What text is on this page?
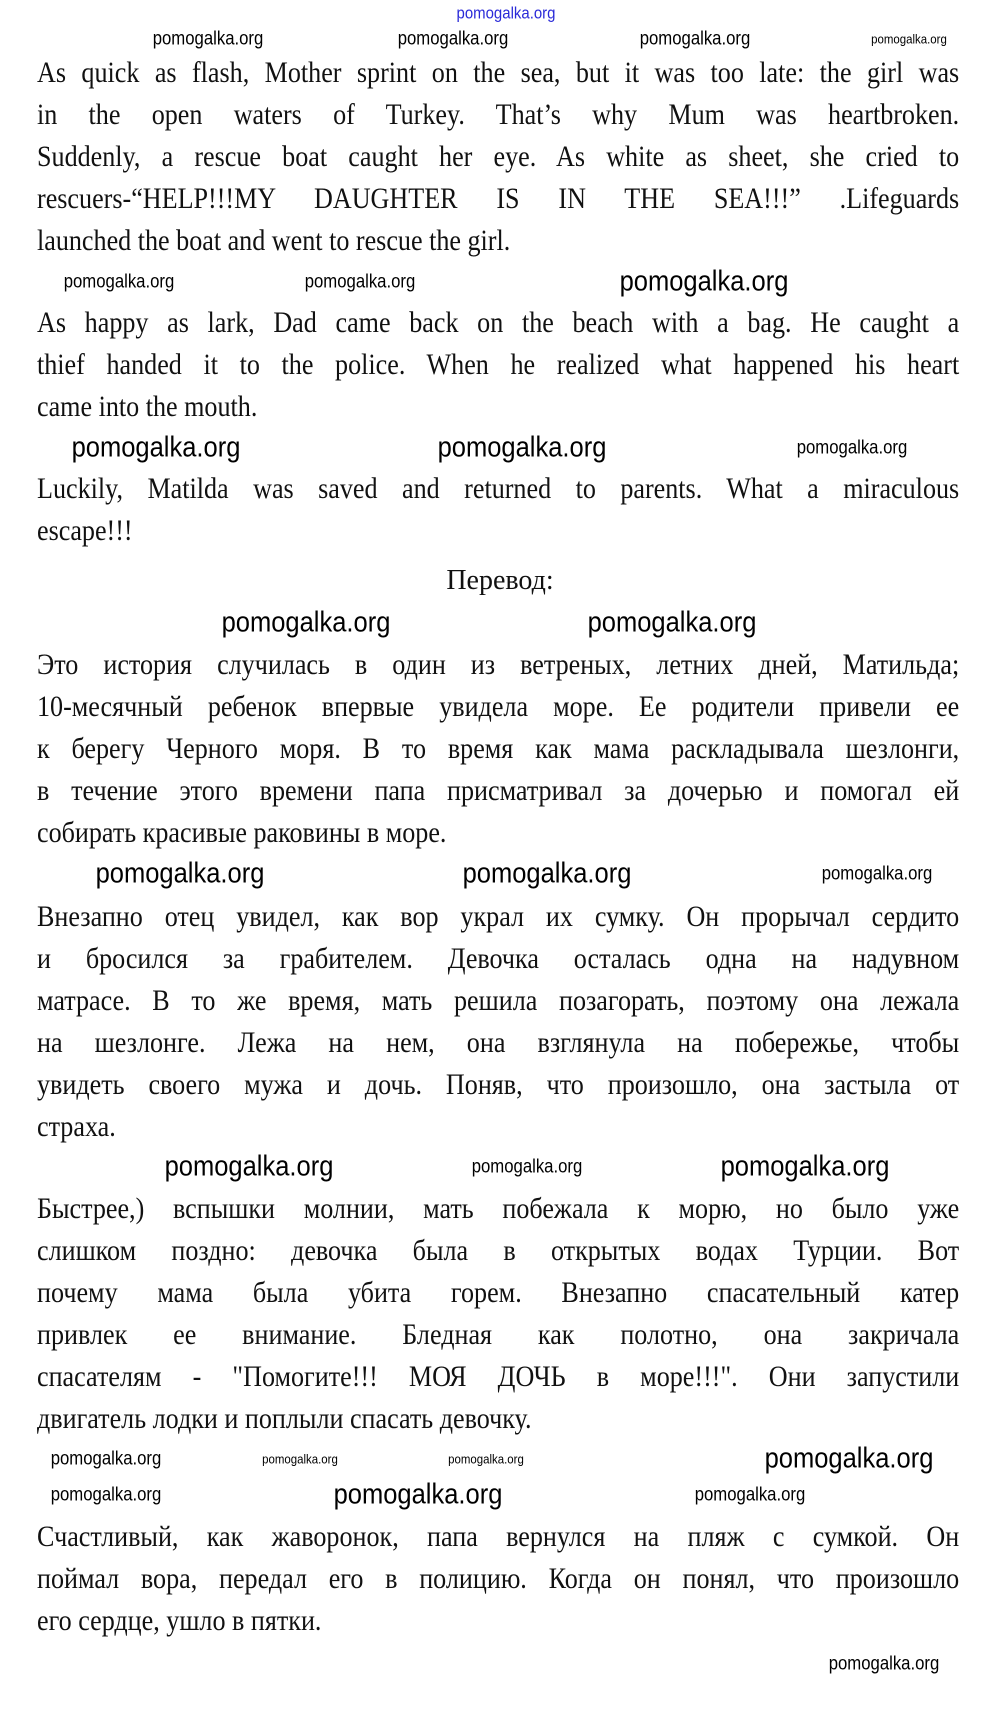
As quick as flash, Mother sprint on the sea, but it was too late: the girl was
in the open waters of Turkey. That’s why Mum was heartbroken.
Suddenly, a rescue boat caught her eye. As white as sheet, she cried to
rescuers-“HELP!!!MY DAUGHTER IS IN THE SEA!!!” .Lifeguards
launched the boat and went to rescue the girl.
As happy as lark, Dad came back on the beach with a bag. He caught a
thief handed it to the police. When he realized what happened his heart
came into the mouth.
Luckily, Matilda was saved and returned to parents. What a miraculous
escape!!!
Это история случилась в один из ветреных, летних дней, Матильда;
10-месячный ребенок впервые увидела море. Ее родители привели ее
к берегу Черного моря. В то время как мама раскладывала шезлонги,
в течение этого времени папа присматривал за дочерью и помогал ей
собирать красивые раковины в море.
Внезапно отец увидел, как вор украл их сумку. Он прорычал сердито
и бросился за грабителем. Девочка осталась одна на надувном
матрасе. В то же время, мать решила позагорать, поэтому она лежала
на шезлонге. Лежа на нем, она взглянула на побережье, чтобы
увидеть своего мужа и дочь. Поняв, что произошло, она застыла от
страха.
Быстрее,) вспышки молнии, мать побежала к морю, но было уже
слишком поздно: девочка была в открытых водах Турции. Вот
почему мама была убита горем. Внезапно спасательный катер
привлек ее внимание. Бледная как полотно, она закричала
спасателям - "Помогите!!! МОЯ ДОЧЬ в море!!!". Они запустили
двигатель лодки и поплыли спасать девочку.
Счастливый, как жаворонок, папа вернулся на пляж с сумкой. Он
поймал вора, передал его в полицию. Когда он понял, что произошло
его сердце, ушло в пятки.
Перевод:
pomogalka.org
pomogalka.org	pomogalka.org	pomogalka.org	pomogalka.org
pomogalka.org	pomogalka.org	pomogalka.org
pomogalka.org	pomogalka.org	pomogalka.org
pomogalka.org	pomogalka.org
pomogalka.org	pomogalka.org	pomogalka.org
pomogalka.org	pomogalka.org	pomogalka.org
pomogalka.org	pomogalka.org	pomogalka.org	pomogalka.org
pomogalka.org	pomogalka.org	pomogalka.org
pomogalka.org
